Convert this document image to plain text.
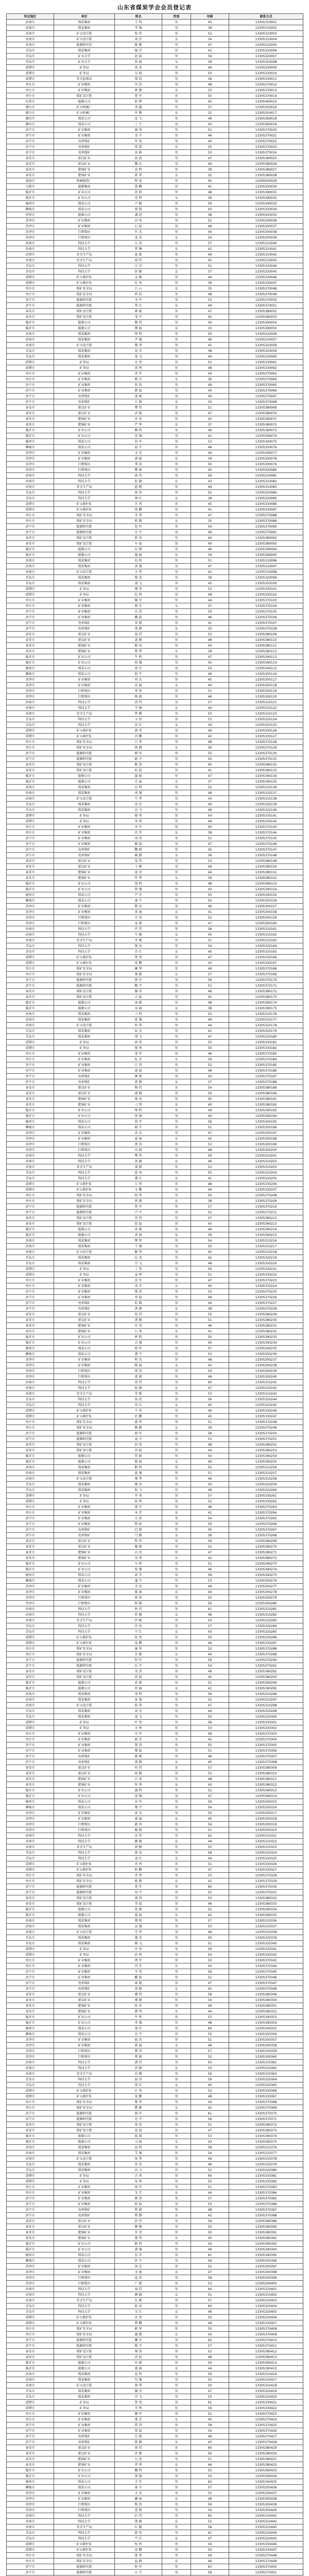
山东省煤炭学会会员登记表
所在地区	单位	姓名	性别	年龄	联系方式
济南市	煤炭集团	王 明	男	45	13305310001
济南市	煤炭集团	李 强	男	38	13305310002
济南市	矿山设计院	张 伟	男	52	13305310003
济南市	矿山设计院	刘 芳	女	34	13305310004
济南市	能源研究所	陈 刚	男	47	13305310005
青岛市	煤炭集团	杨 洋	男	41	13305320006
青岛市	矿业大学	赵 磊	男	56	13305320007
青岛市	矿业大学	孙 丽	女	39	13305320008
淄博市	矿务局	周 杰	男	44	13305330009
淄博市	矿务局	吴 斌	男	50	13305330010
淄博市	安全监察局	郑 浩	男	36	13305330011
枣庄市	矿业集团	冯 涛	男	48	13305370012
枣庄市	矿业集团	韩 敏	女	33	13305370013
枣庄市	煤矿设计院	曹 军	男	55	13305370014
东营市	能源公司	彭 辉	男	42	13305460015
烟台市	矿山机械厂	邓 超	男	37	13305350016
烟台市	矿山机械厂	许 静	女	31	13305350017
潍坊市	煤炭公司	沈 飞	男	49	13305360018
潍坊市	煤炭公司	丁 宁	男	43	13305360019
济宁市	矿业集团	谢 勇	男	51	13305370020
济宁市	矿业集团	宋 平	男	46	13305370021
济宁市	兖州煤矿	罗 亮	男	40	13305370022
济宁市	兖州煤矿	梁 霞	女	35	13305370023
济宁市	兖州煤矿	高 峰	男	53	13305370024
泰安市	新汶矿业	唐 波	男	47	13305380025
泰安市	新汶矿业	魏 东	男	44	13305380026
泰安市	肥城矿业	袁 明	男	39	13305380027
泰安市	肥城矿业	蒋 华	女	32	13305380028
威海市	机械制造厂	程 龙	男	45	13305630029
日照市	能源集团	董 鹏	男	41	13305330030
临沂市	矿业公司	苏 阳	男	48	13305390031
临沂市	矿业公司	范 婷	女	36	13305390032
德州市	煤炭公司	卢 健	男	50	13305340033
聊城市	煤炭公司	蔡 凯	男	43	13305350034
滨州市	能源公司	潘 虎	男	38	13305430035
菏泽市	矿业集团	田 勇	男	52	13305300036
菏泽市	矿业集团	石 磊	男	46	13305300037
菏泽市	巨野煤田	任 杰	男	40	13305300038
菏泽市	巨野煤田	姜 雪	女	34	13305300039
济南市	科技大学	方 涛	男	57	13305310040
济南市	科技大学	贾 琳	女	42	13305310041
济南市	安全生产局	夏 斌	男	49	13305310042
济南市	安全生产局	邱 伟	男	45	13305310043
青岛市	科技大学	汪 洋	男	51	13305320044
青岛市	科技大学	侯 敏	女	37	13305320045
淄博市	矿山救护队	金 刚	男	44	13305330046
淄博市	矿山救护队	孔 亮	男	39	13305330047
枣庄市	煤矿安全局	白 云	女	35	13305370048
枣庄市	煤矿安全局	崔 浩	男	48	13305370049
济宁市	能源研究院	毛 军	男	53	13305370050
济宁市	能源研究院	常 红	女	40	13305370051
泰安市	煤矿设计院	廖 斌	男	47	13305380052
泰安市	煤矿设计院	邹 平	男	42	13305380053
临沂市	能源公司	熊 伟	男	45	13305390054
临沂市	能源公司	傅 丽	女	33	13305390055
济南市	煤炭集团	钟 明	男	50	13305310056
济南市	煤炭集团	尹 强	男	46	13305310057
济南市	矿山设计院	黎 华	男	41	13305310058
青岛市	煤炭集团	易 杰	男	38	13305320059
青岛市	煤炭集团	龙 飞	男	44	13305320060
淄博市	矿务局	史 勇	男	52	13305330061
淄博市	矿务局	雷 鸣	男	48	13305330062
枣庄市	矿业集团	贺 军	男	43	13305370063
枣庄市	矿业集团	顾 芳	女	36	13305370064
济宁市	矿业集团	段 涛	男	49	13305370065
济宁市	矿业集团	郝 磊	男	45	13305370066
济宁市	兖州煤矿	邵 斌	男	40	13305370067
济宁市	兖州煤矿	万 静	女	34	13305370068
泰安市	新汶矿业	覃 伟	男	51	13305380069
泰安市	新汶矿业	武 刚	男	47	13305380070
泰安市	肥城矿业	乔 亮	男	42	13305380071
泰安市	肥城矿业	严 华	女	37	13305380072
临沂市	矿业公司	赖 明	男	46	13305390073
临沂市	矿业公司	莫 强	男	41	13305390074
德州市	煤炭公司	向 军	男	53	13305340075
聊城市	煤炭公司	温 平	男	48	13305350076
菏泽市	矿业集团	文 杰	男	44	13305300077
菏泽市	矿业集团	盛 丽	女	39	13305300078
菏泽市	巨野煤田	季 涛	男	50	13305300079
菏泽市	巨野煤田	柳 斌	男	45	13305300080
济南市	科技大学	俞 伟	男	56	13305310081
济南市	科技大学	阮 敏	女	43	13305310082
济南市	安全生产局	蓝 刚	男	49	13305310083
青岛市	科技大学	祝 亮	男	52	13305320084
青岛市	科技大学	林 红	女	38	13305320085
淄博市	矿山救护队	甘 勇	男	45	13305330086
淄博市	矿山救护队	钱 鹏	男	41	13305330087
枣庄市	煤矿安全局	齐 华	男	47	13305370088
枣庄市	煤矿安全局	欧 静	女	35	13305370089
济宁市	能源研究院	包 军	男	54	13305370090
济宁市	能源研究院	左 平	男	49	13305370091
泰安市	煤矿设计院	舒 涛	男	44	13305380092
泰安市	煤矿设计院	车 磊	男	40	13305380093
临沂市	能源公司	付 斌	男	46	13305390094
临沂市	能源公司	施 丽	女	36	13305390095
济南市	煤炭集团	伍 明	男	51	13305310096
济南市	煤炭集团	黄 强	男	47	13305310097
济南市	矿山设计院	关 华	男	42	13305310098
青岛市	煤炭集团	鲁 杰	男	39	13305320099
青岛市	煤炭集团	凌 飞	男	45	13305320100
淄博市	矿务局	穆 勇	男	53	13305330101
淄博市	矿务局	纪 鸣	男	48	13305330102
枣庄市	矿业集团	喻 军	男	44	13305370103
枣庄市	矿业集团	骆 芳	女	37	13305370104
济宁市	矿业集团	岳 涛	男	50	13305370105
济宁市	矿业集团	戴 磊	男	46	13305370106
济宁市	兖州煤矿	祁 斌	男	41	13305370107
济宁市	兖州煤矿	邢 静	女	35	13305370108
泰安市	新汶矿业	翁 伟	男	52	13305380109
泰安市	新汶矿业	裴 刚	男	48	13305380110
泰安市	肥城矿业	路 亮	男	43	13305380111
泰安市	肥城矿业	焦 华	女	38	13305380112
临沂市	矿业公司	牛 明	男	47	13305390113
临沂市	矿业公司	柏 强	男	42	13305390114
德州市	煤炭公司	葛 军	男	54	13305340115
聊城市	煤炭公司	殷 平	男	49	13305350116
菏泽市	矿业集团	巩 杰	男	45	13305300117
菏泽市	矿业集团	苗 丽	女	40	13305300118
菏泽市	巨野煤田	华 涛	男	51	13305300119
菏泽市	巨野煤田	梅 斌	男	46	13305300120
济南市	科技大学	尚 伟	男	57	13305310121
济南市	科技大学	辛 敏	女	44	13305310122
济南市	安全生产局	管 刚	男	50	13305310123
青岛市	科技大学	卫 亮	男	53	13305320124
青岛市	科技大学	谷 红	女	39	13305320125
淄博市	矿山救护队	燕 勇	男	46	13305330126
淄博市	矿山救护队	闫 鹏	男	42	13305330127
枣庄市	煤矿安全局	吕 华	男	48	13305370128
枣庄市	煤矿安全局	阎 静	女	36	13305370129
济宁市	能源研究院	薛 军	男	55	13305370130
济宁市	能源研究院	耿 平	男	50	13305370131
泰安市	煤矿设计院	靳 涛	男	45	13305380132
泰安市	煤矿设计院	杭 磊	男	41	13305380133
临沂市	能源公司	蒲 斌	男	47	13305390134
临沂市	能源公司	尤 丽	女	37	13305390135
济南市	煤炭集团	应 明	男	52	13305310136
济南市	煤炭集团	谈 强	男	48	13305310137
济南市	矿山设计院	宁 华	男	43	13305310138
青岛市	煤炭集团	涂 杰	男	40	13305320139
青岛市	煤炭集团	边 飞	男	46	13305320140
淄博市	矿务局	储 勇	男	54	13305330141
淄博市	矿务局	米 鸣	男	49	13305330142
枣庄市	矿业集团	单 军	男	45	13305370143
枣庄市	矿业集团	冉 芳	女	38	13305370144
济宁市	矿业集团	房 涛	男	51	13305370145
济宁市	矿业集团	解 磊	男	47	13305370146
济宁市	兖州煤矿	鞠 斌	男	42	13305370147
济宁市	兖州煤矿	臧 静	女	36	13305370148
泰安市	新汶矿业	晏 伟	男	53	13305380149
泰安市	新汶矿业	卞 刚	男	49	13305380150
泰安市	肥城矿业	庞 亮	男	44	13305380151
泰安市	肥城矿业	符 华	女	39	13305380152
临沂市	矿业公司	饶 明	男	48	13305390153
临沂市	矿业公司	简 强	男	43	13305390154
德州市	煤炭公司	芦 军	男	55	13305340155
聊城市	煤炭公司	秦 平	男	50	13305350156
菏泽市	矿业集团	隋 杰	男	46	13305300157
菏泽市	矿业集团	景 丽	女	41	13305300158
菏泽市	巨野煤田	宗 涛	男	52	13305300159
菏泽市	巨野煤田	栾 斌	男	47	13305300160
济南市	科技大学	伏 伟	男	58	13305310161
济南市	科技大学	车 敏	女	45	13305310162
济南市	安全生产局	井 刚	男	51	13305310163
青岛市	科技大学	郜 亮	男	54	13305320164
青岛市	科技大学	冷 红	女	40	13305320165
淄博市	矿山救护队	訾 勇	男	47	13305330166
淄博市	矿山救护队	辜 鹏	男	43	13305330167
枣庄市	煤矿安全局	阚 华	男	49	13305370168
枣庄市	煤矿安全局	那 静	女	37	13305370169
济宁市	能源研究院	简 军	男	56	13305370170
济宁市	能源研究院	鲍 平	男	51	13305370171
泰安市	煤矿设计院	滕 涛	男	46	13305380172
泰安市	煤矿设计院	古 磊	男	42	13305380173
临沂市	能源公司	汤 斌	男	48	13305390174
临沂市	能源公司	易 丽	女	38	13305390175
济南市	煤炭集团	刁 明	男	53	13305310176
济南市	煤炭集团	霍 强	男	49	13305310177
济南市	矿山设计院	仲 华	男	44	13305310178
青岛市	煤炭集团	屈 杰	男	41	13305320179
青岛市	煤炭集团	项 飞	男	47	13305320180
淄博市	矿务局	祖 勇	男	55	13305330181
淄博市	矿务局	郁 鸣	男	50	13305330182
枣庄市	矿业集团	娄 军	男	46	13305370183
枣庄市	矿业集团	危 芳	女	39	13305370184
济宁市	矿业集团	江 涛	男	52	13305370185
济宁市	矿业集团	童 磊	男	48	13305370186
济宁市	兖州煤矿	颜 斌	男	43	13305370187
济宁市	兖州煤矿	郭 静	女	37	13305370188
泰安市	新汶矿业	梅 伟	男	54	13305380189
泰安市	新汶矿业	盛 刚	男	50	13305380190
泰安市	肥城矿业	林 亮	男	45	13305380191
泰安市	肥城矿业	刁 华	女	40	13305380192
临沂市	矿业公司	钟 明	男	49	13305390193
临沂市	矿业公司	徐 强	男	44	13305390194
德州市	煤炭公司	邱 军	男	56	13305340195
聊城市	煤炭公司	骆 平	男	51	13305350196
菏泽市	矿业集团	高 杰	男	47	13305300197
菏泽市	矿业集团	夏 丽	女	42	13305300198
菏泽市	巨野煤田	蔡 涛	男	53	13305300199
菏泽市	巨野煤田	田 斌	男	48	13305300200
济南市	科技大学	樊 伟	男	59	13305310201
济南市	科技大学	胡 敏	女	46	13305310202
济南市	安全生产局	凌 刚	男	52	13305310203
青岛市	科技大学	霍 亮	男	55	13305320204
青岛市	科技大学	虞 红	女	41	13305320205
淄博市	矿山救护队	万 勇	男	48	13305330206
淄博市	矿山救护队	支 鹏	男	44	13305330207
枣庄市	煤矿安全局	柯 华	男	50	13305370208
枣庄市	煤矿安全局	昝 静	女	38	13305370209
济宁市	能源研究院	管 军	男	57	13305370210
济宁市	能源研究院	卢 平	男	52	13305370211
泰安市	煤矿设计院	莫 涛	男	47	13305380212
泰安市	煤矿设计院	经 磊	男	43	13305380213
临沂市	能源公司	房 斌	男	49	13305390214
临沂市	能源公司	裘 丽	女	39	13305390215
济南市	煤炭集团	缪 明	男	54	13305310216
济南市	煤炭集团	干 强	男	50	13305310217
济南市	矿山设计院	解 华	男	45	13305310218
青岛市	煤炭集团	应 杰	男	42	13305320219
青岛市	煤炭集团	宗 飞	男	48	13305320220
淄博市	矿务局	丁 勇	男	56	13305330221
淄博市	矿务局	宣 鸣	男	51	13305330222
枣庄市	矿业集团	贲 军	男	47	13305370223
枣庄市	矿业集团	邓 芳	女	40	13305370224
济宁市	矿业集团	郁 涛	男	53	13305370225
济宁市	矿业集团	单 磊	男	49	13305370226
济宁市	兖州煤矿	杭 斌	男	44	13305370227
济宁市	兖州煤矿	洪 静	女	38	13305370228
泰安市	新汶矿业	包 伟	男	55	13305380229
泰安市	新汶矿业	诸 刚	男	51	13305380230
泰安市	肥城矿业	左 亮	男	46	13305380231
泰安市	肥城矿业	石 华	女	41	13305380232
临沂市	矿业公司	崔 明	男	50	13305390233
临沂市	矿业公司	吉 强	男	45	13305390234
德州市	煤炭公司	钮 军	男	57	13305340235
聊城市	煤炭公司	龚 平	男	52	13305350236
菏泽市	矿业集团	程 杰	男	48	13305300237
菏泽市	矿业集团	嵇 丽	女	43	13305300238
菏泽市	巨野煤田	邢 涛	男	54	13305300239
菏泽市	巨野煤田	滑 斌	男	49	13305300240
济南市	科技大学	裴 伟	男	60	13305310241
济南市	科技大学	陆 敏	女	47	13305310242
济南市	安全生产局	荣 刚	男	53	13305310243
青岛市	科技大学	翁 亮	男	56	13305320244
青岛市	科技大学	荀 红	女	42	13305320245
淄博市	矿山救护队	羊 勇	男	49	13305330246
淄博市	矿山救护队	於 鹏	男	45	13305330247
枣庄市	煤矿安全局	惠 华	男	51	13305370248
枣庄市	煤矿安全局	甄 静	女	39	13305370249
济宁市	能源研究院	曲 军	男	58	13305370250
济宁市	能源研究院	家 平	男	53	13305370251
泰安市	煤矿设计院	封 涛	男	48	13305380252
泰安市	煤矿设计院	芮 磊	男	44	13305380253
临沂市	能源公司	羿 斌	男	50	13305390254
临沂市	能源公司	储 丽	女	40	13305390255
济南市	煤炭集团	靳 明	男	55	13305310256
济南市	煤炭集团	汲 强	男	51	13305310257
济南市	矿山设计院	邴 华	男	46	13305310258
青岛市	煤炭集团	糜 杰	男	43	13305320259
青岛市	煤炭集团	松 飞	男	49	13305320260
淄博市	矿务局	井 勇	男	57	13305330261
淄博市	矿务局	段 鸣	男	52	13305330262
枣庄市	矿业集团	富 军	男	48	13305370263
枣庄市	矿业集团	巫 芳	女	41	13305370264
济宁市	矿业集团	乌 涛	男	54	13305370265
济宁市	矿业集团	焦 磊	男	50	13305370266
济宁市	兖州煤矿	巴 斌	男	45	13305370267
济宁市	兖州煤矿	弓 静	女	39	13305370268
泰安市	新汶矿业	牧 伟	男	56	13305380269
泰安市	新汶矿业	隗 刚	男	52	13305380270
泰安市	肥城矿业	山 亮	男	47	13305380271
泰安市	肥城矿业	谷 华	女	42	13305380272
临沂市	矿业公司	车 明	男	51	13305390273
临沂市	矿业公司	侯 强	男	46	13305390274
德州市	煤炭公司	宓 军	男	58	13305340275
聊城市	煤炭公司	蓬 平	男	53	13305350276
菏泽市	矿业集团	全 杰	男	49	13305300277
菏泽市	矿业集团	郗 丽	女	44	13305300278
菏泽市	巨野煤田	班 涛	男	55	13305300279
菏泽市	巨野煤田	仰 斌	男	50	13305300280
济南市	科技大学	秋 伟	男	61	13305310281
济南市	科技大学	仲 敏	女	48	13305310282
济南市	安全生产局	伊 刚	男	54	13305310283
青岛市	科技大学	宫 亮	男	57	13305320284
青岛市	科技大学	宁 红	女	43	13305320285
淄博市	矿山救护队	仇 勇	男	50	13305330286
淄博市	矿山救护队	栾 鹏	男	46	13305330287
枣庄市	煤矿安全局	暴 华	男	52	13305370288
枣庄市	煤矿安全局	甘 静	女	40	13305370289
济宁市	能源研究院	钭 军	男	59	13305370290
济宁市	能源研究院	厉 平	男	54	13305370291
泰安市	煤矿设计院	戎 涛	男	49	13305380292
泰安市	煤矿设计院	祖 磊	男	45	13305380293
临沂市	能源公司	武 斌	男	51	13305390294
临沂市	能源公司	符 丽	女	41	13305390295
济南市	煤炭集团	刘 明	男	56	13305310296
济南市	煤炭集团	景 强	男	52	13305310297
济南市	矿山设计院	詹 华	男	47	13305310298
青岛市	煤炭集团	束 杰	男	44	13305320299
青岛市	煤炭集团	龙 飞	男	50	13305320300
淄博市	矿务局	叶 勇	男	58	13305330301
淄博市	矿务局	幸 鸣	男	53	13305330302
枣庄市	矿业集团	司 军	男	49	13305370303
枣庄市	矿业集团	韶 芳	女	42	13305370304
济宁市	矿业集团	郜 涛	男	55	13305370305
济宁市	矿业集团	黎 磊	男	51	13305370306
济宁市	兖州煤矿	蓟 斌	男	46	13305370307
济宁市	兖州煤矿	薄 静	女	40	13305370308
泰安市	新汶矿业	印 伟	男	57	13305380309
泰安市	新汶矿业	宿 刚	男	53	13305380310
泰安市	肥城矿业	白 亮	男	48	13305380311
泰安市	肥城矿业	怀 华	女	43	13305380312
临沂市	矿业公司	蒲 明	男	52	13305390313
临沂市	矿业公司	邰 强	男	47	13305390314
德州市	煤炭公司	从 军	男	59	13305340315
聊城市	煤炭公司	鄂 平	男	54	13305350316
菏泽市	矿业集团	索 杰	男	50	13305300317
菏泽市	矿业集团	咸 丽	女	45	13305300318
菏泽市	巨野煤田	籍 涛	男	56	13305300319
菏泽市	巨野煤田	赖 斌	男	51	13305300320
济南市	科技大学	卓 伟	男	62	13305310321
济南市	科技大学	蔺 敏	女	49	13305310322
济南市	安全生产局	屠 刚	男	55	13305310323
青岛市	科技大学	蒙 亮	男	58	13305320324
青岛市	科技大学	池 红	女	44	13305320325
淄博市	矿山救护队	乔 勇	男	51	13305330326
淄博市	矿山救护队	阴 鹏	男	47	13305330327
枣庄市	煤矿安全局	胥 华	男	53	13305370328
枣庄市	煤矿安全局	能 静	女	41	13305370329
济宁市	能源研究院	苍 军	男	60	13305370330
济宁市	能源研究院	双 平	男	55	13305370331
泰安市	煤矿设计院	闻 涛	男	50	13305380332
泰安市	煤矿设计院	莘 磊	男	46	13305380333
临沂市	能源公司	党 斌	男	52	13305390334
临沂市	能源公司	翟 丽	女	42	13305390335
济南市	煤炭集团	谭 明	男	57	13305310336
济南市	煤炭集团	贡 强	男	53	13305310337
济南市	矿山设计院	劳 华	男	48	13305310338
青岛市	煤炭集团	逄 杰	男	45	13305320339
青岛市	煤炭集团	姬 飞	男	51	13305320340
淄博市	矿务局	申 勇	男	59	13305330341
淄博市	矿务局	扶 鸣	男	54	13305330342
枣庄市	矿业集团	堵 军	男	50	13305370343
枣庄市	矿业集团	冉 芳	女	43	13305370344
济宁市	矿业集团	宰 涛	男	56	13305370345
济宁市	矿业集团	郦 磊	男	52	13305370346
济宁市	兖州煤矿	雍 斌	男	47	13305370347
济宁市	兖州煤矿	却 静	女	41	13305370348
泰安市	新汶矿业	璩 伟	男	58	13305380349
泰安市	新汶矿业	桑 刚	男	54	13305380350
泰安市	肥城矿业	桂 亮	男	49	13305380351
泰安市	肥城矿业	濮 华	女	44	13305380352
临沂市	矿业公司	牛 明	男	53	13305390353
临沂市	矿业公司	寿 强	男	48	13305390354
德州市	煤炭公司	通 军	男	60	13305340355
聊城市	煤炭公司	边 平	男	55	13305350356
菏泽市	矿业集团	扈 杰	男	51	13305300357
菏泽市	矿业集团	燕 丽	女	46	13305300358
菏泽市	巨野煤田	冀 涛	男	57	13305300359
菏泽市	巨野煤田	郏 斌	男	52	13305300360
济南市	科技大学	浦 伟	男	63	13305310361
济南市	科技大学	尚 敏	女	50	13305310362
济南市	安全生产局	农 刚	男	56	13305310363
青岛市	科技大学	温 亮	男	59	13305320364
青岛市	科技大学	别 红	女	45	13305320365
淄博市	矿山救护队	庄 勇	男	52	13305330366
淄博市	矿山救护队	晏 鹏	男	48	13305330367
枣庄市	煤矿安全局	柴 华	男	54	13305370368
枣庄市	煤矿安全局	瞿 静	女	42	13305370369
济宁市	能源研究院	阎 军	男	61	13305370370
济宁市	能源研究院	充 平	男	56	13305370371
泰安市	煤矿设计院	慕 涛	男	51	13305380372
泰安市	煤矿设计院	连 磊	男	47	13305380373
临沂市	能源公司	茹 斌	男	53	13305390374
临沂市	能源公司	习 丽	女	43	13305390375
济南市	煤炭集团	宦 明	男	58	13305310376
济南市	煤炭集团	艾 强	男	54	13305310377
济南市	矿山设计院	鱼 华	男	49	13305310378
青岛市	煤炭集团	容 杰	男	46	13305320379
青岛市	煤炭集团	向 飞	男	52	13305320380
淄博市	矿务局	古 勇	男	60	13305330381
淄博市	矿务局	易 鸣	男	55	13305330382
枣庄市	矿业集团	慎 军	男	51	13305370383
枣庄市	矿业集团	戈 芳	女	44	13305370384
济宁市	矿业集团	廖 涛	男	57	13305370385
济宁市	矿业集团	庾 磊	男	53	13305370386
济宁市	兖州煤矿	终 斌	男	48	13305370387
济宁市	兖州煤矿	暨 静	女	42	13305370388
泰安市	新汶矿业	居 伟	男	59	13305380389
泰安市	新汶矿业	衡 刚	男	55	13305380390
泰安市	肥城矿业	步 亮	男	50	13305380391
泰安市	肥城矿业	都 华	女	45	13305380392
临沂市	矿业公司	耿 明	男	54	13305390393
临沂市	矿业公司	满 强	男	49	13305390394
德州市	煤炭公司	弘 军	男	61	13305340395
聊城市	煤炭公司	匡 平	男	56	13305350396
菏泽市	矿业集团	国 杰	男	52	13305300397
菏泽市	矿业集团	文 丽	女	47	13305300398
菏泽市	巨野煤田	寇 涛	男	58	13305300399
菏泽市	巨野煤田	广 斌	男	53	13305300400
济南市	科技大学	禄 伟	男	64	13305310401
济南市	科技大学	阙 敏	女	51	13305310402
济南市	安全生产局	东 刚	男	57	13305310403
青岛市	科技大学	欧 亮	男	60	13305320404
青岛市	科技大学	殳 红	女	46	13305320405
淄博市	矿山救护队	沃 勇	男	53	13305330406
淄博市	矿山救护队	利 鹏	男	49	13305330407
枣庄市	煤矿安全局	蔚 华	男	55	13305370408
枣庄市	煤矿安全局	越 静	女	43	13305370409
济宁市	能源研究院	夔 军	男	62	13305370410
济宁市	能源研究院	隆 平	男	57	13305370411
泰安市	煤矿设计院	师 涛	男	52	13305380412
泰安市	煤矿设计院	巩 磊	男	48	13305380413
临沂市	能源公司	厍 斌	男	54	13305390414
临沂市	能源公司	聂 丽	女	44	13305390415
济南市	煤炭集团	晁 明	男	59	13305310416
济南市	煤炭集团	勾 强	男	55	13305310417
济南市	矿山设计院	敖 华	男	50	13305310418
青岛市	煤炭集团	融 杰	男	47	13305320419
青岛市	煤炭集团	冷 飞	男	53	13305320420
淄博市	矿务局	訾 勇	男	61	13305330421
淄博市	矿务局	辛 鸣	男	56	13305330422
枣庄市	矿业集团	阚 军	男	52	13305370423
枣庄市	矿业集团	那 芳	女	45	13305370424
济宁市	矿业集团	简 涛	男	58	13305370425
济宁市	矿业集团	饶 磊	男	54	13305370426
济宁市	兖州煤矿	空 斌	男	49	13305370427
济宁市	兖州煤矿	曾 静	女	43	13305370428
泰安市	新汶矿业	毋 伟	男	60	13305380429
泰安市	新汶矿业	沙 刚	男	56	13305380430
泰安市	肥城矿业	乜 亮	男	51	13305380431
泰安市	肥城矿业	养 华	女	46	13305380432
临沂市	矿业公司	鞠 明	男	55	13305390433
临沂市	矿业公司	须 强	男	50	13305390434
德州市	煤炭公司	丰 军	男	62	13305340435
聊城市	煤炭公司	巢 平	男	57	13305350436
菏泽市	矿业集团	关 杰	男	53	13305300437
菏泽市	矿业集团	蒯 丽	女	48	13305300438
菏泽市	巨野煤田	相 涛	男	59	13305300439
菏泽市	巨野煤田	查 斌	男	54	13305300440
济南市	科技大学	后 伟	男	65	13305310441
济南市	科技大学	荆 敏	女	52	13305310442
济南市	安全生产局	红 刚	男	58	13305310443
青岛市	科技大学	游 亮	男	61	13305320444
青岛市	科技大学	竺 红	女	47	13305320445
淄博市	矿山救护队	权 勇	男	54	13305330446
淄博市	矿山救护队	逯 鹏	男	50	13305330447
枣庄市	煤矿安全局	盖 华	男	56	13305370448
枣庄市	煤矿安全局	益 静	女	44	13305370449
济宁市	能源研究院	桓 军	男	63	13305370450
济宁市	能源研究院	公 平	男	58	13305370451
